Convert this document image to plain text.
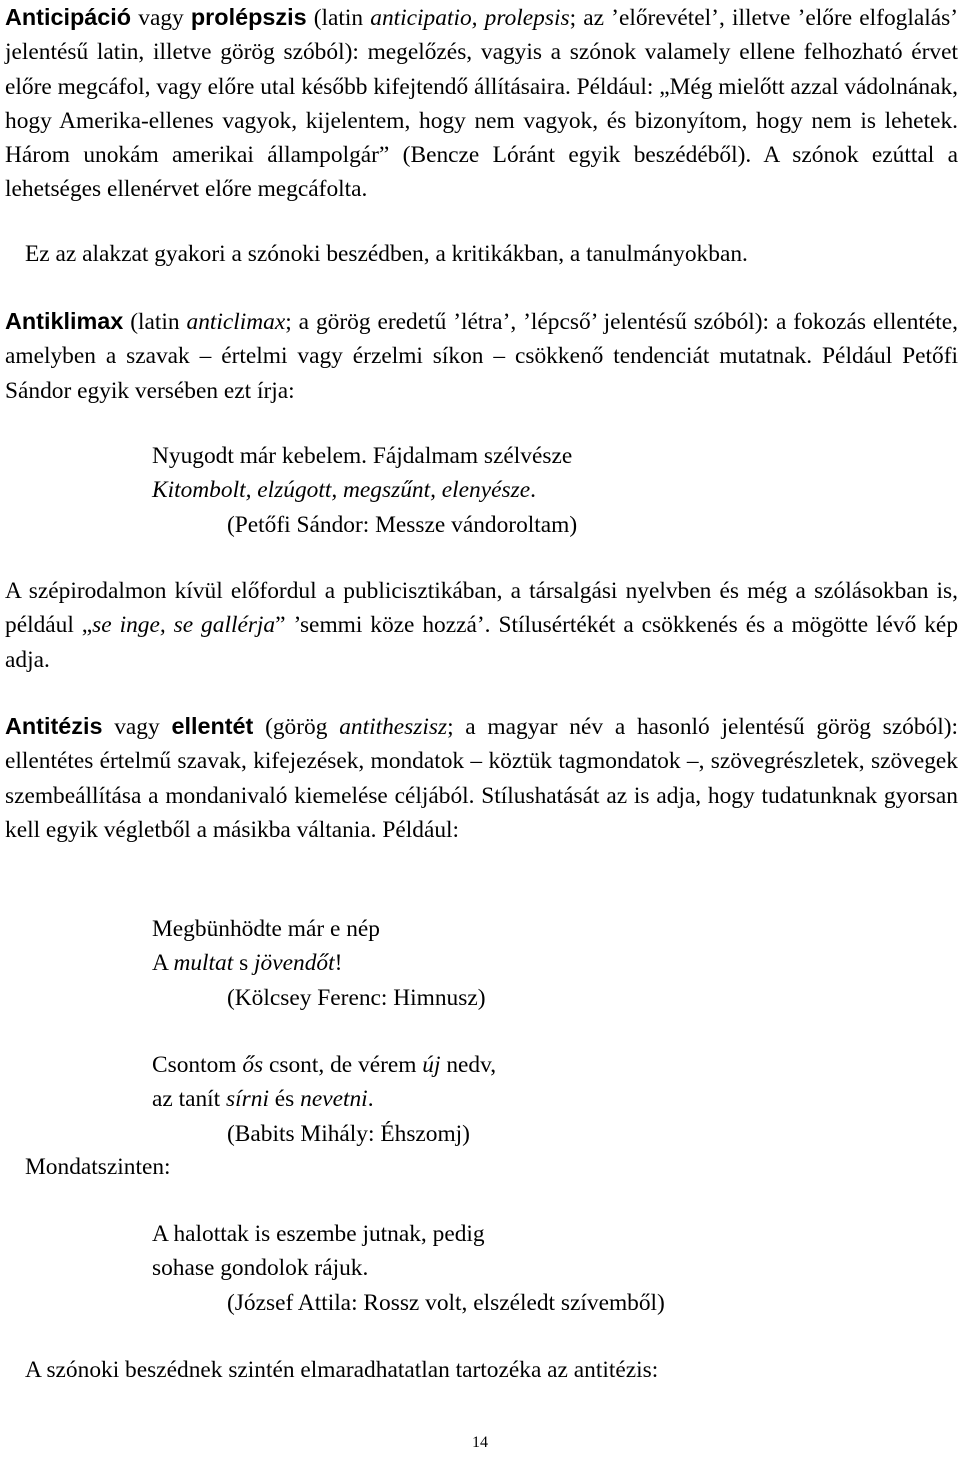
Anticipáció vagy prolépszis (latin anticipatio, prolepsis; az ’előrevétel’, illetve ’előre elfoglalás’ jelentésű latin, illetve görög szóból): megelőzés, vagyis a szónok valamely ellene felhozható érvet előre megcáfol, vagy előre utal később kifejtendő állításaira. Például: „Még mielőtt azzal vádolnának, hogy Amerika-ellenes vagyok, kijelentem, hogy nem vagyok, és bizonyítom, hogy nem is lehetek. Három unokám amerikai állampolgár” (Bencze Lóránt egyik beszédéből). A szónok ezúttal a lehetséges ellenérvet előre megcáfolta.
Ez az alakzat gyakori a szónoki beszédben, a kritikákban, a tanulmányokban.
Antiklimax (latin anticlimax; a görög eredetű ’létra’, ’lépcső’ jelentésű szóból): a fokozás ellentéte, amelyben a szavak – értelmi vagy érzelmi síkon – csökkenő tendenciát mutatnak. Például Petőfi Sándor egyik versében ezt írja:
Nyugodt már kebelem. Fájdalmam szélvésze
Kitombolt, elzúgott, megszűnt, elenyésze.
(Petőfi Sándor: Messze vándoroltam)
A szépirodalmon kívül előfordul a publicisztikában, a társalgási nyelvben és még a szólásokban is, például „se inge, se gallérja” ’semmi köze hozzá’. Stílusértékét a csökkenés és a mögötte lévő kép adja.
Antitézis vagy ellentét (görög antitheszisz; a magyar név a hasonló jelentésű görög szóból): ellentétes értelmű szavak, kifejezések, mondatok – köztük tagmondatok –, szövegrészletek, szövegek szembeállítása a mondanivaló kiemelése céljából. Stílushatását az is adja, hogy tudatunknak gyorsan kell egyik végletből a másikba váltania. Például:
Megbünhödte már e nép
A multat s jövendőt!
(Kölcsey Ferenc: Himnusz)
Csontom ős csont, de vérem új nedv,
az tanít sírni és nevetni.
(Babits Mihály: Éhszomj)
Mondatszinten:
A halottak is eszembe jutnak, pedig
sohase gondolok rájuk.
(József Attila: Rossz volt, elszéledt szívemből)
A szónoki beszédnek szintén elmaradhatatlan tartozéka az antitézis:
14
